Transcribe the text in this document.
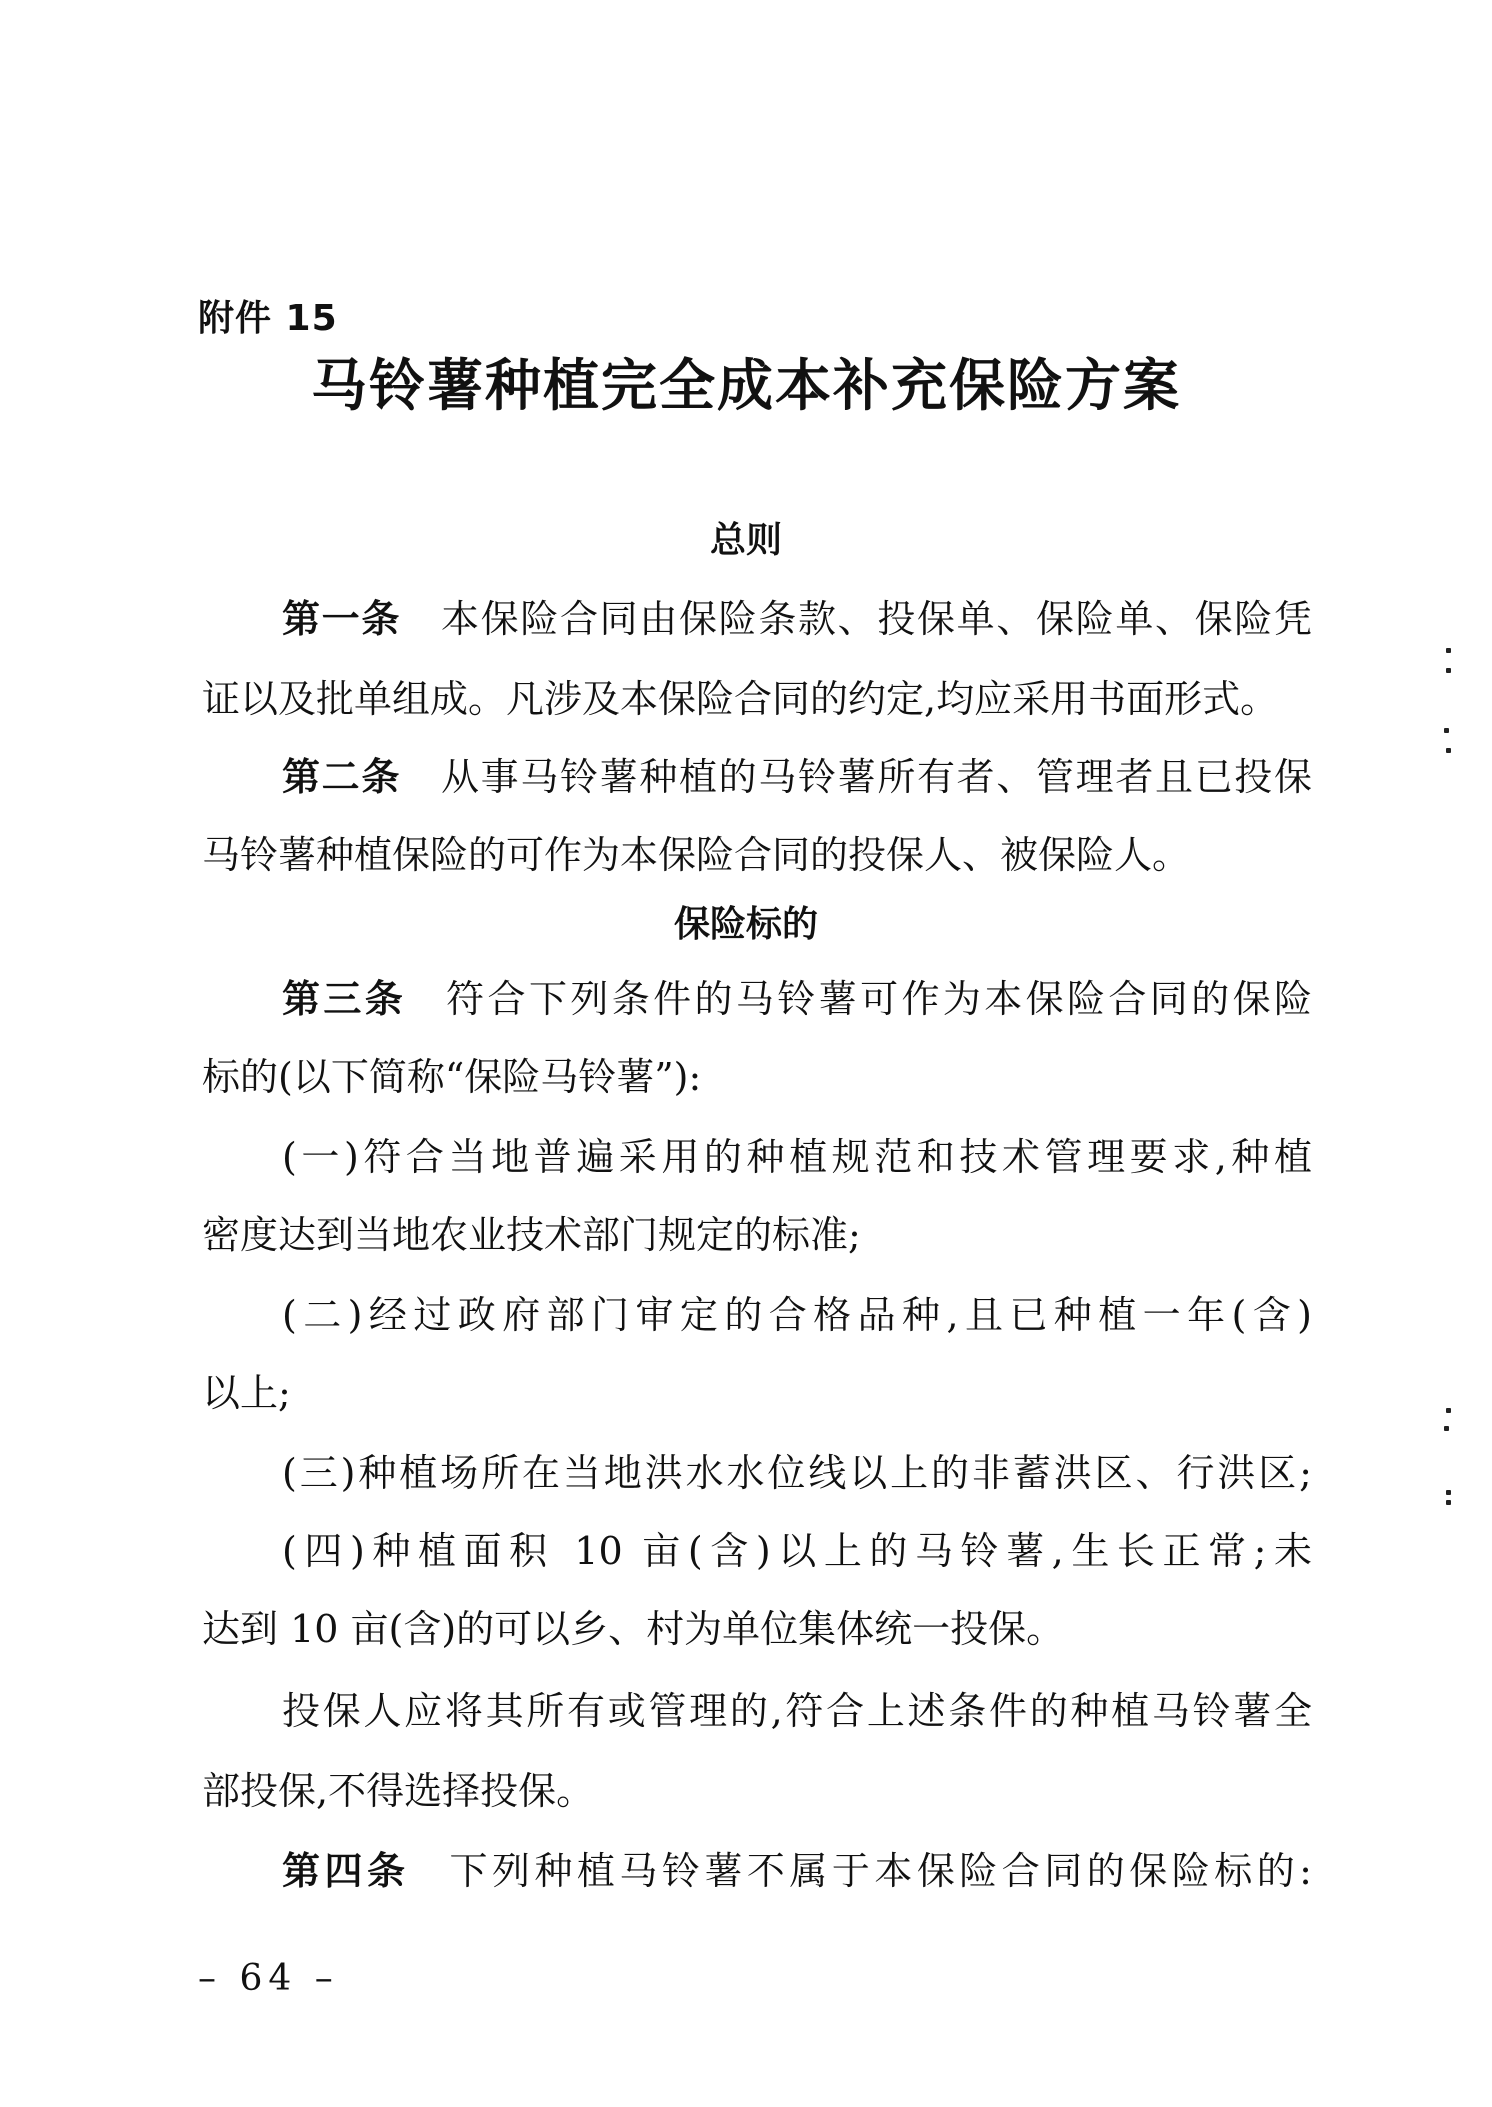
附件 15
马铃薯种植完全成本补充保险方案
总则
第一条 本保险合同由保险条款、投保单、保险单、保险凭
证以及批单组成。凡涉及本保险合同的约定,均应采用书面形式。
第二条 从事马铃薯种植的马铃薯所有者、管理者且已投保
马铃薯种植保险的可作为本保险合同的投保人、被保险人。
保险标的
第三条 符合下列条件的马铃薯可作为本保险合同的保险
标的(以下简称“保险马铃薯”):
(一)符合当地普遍采用的种植规范和技术管理要求,种植
密度达到当地农业技术部门规定的标准;
(二)经过政府部门审定的合格品种,且已种植一年(含)
以上;
(三)种植场所在当地洪水水位线以上的非蓄洪区、行洪区;
(四)种植面积 10 亩(含)以上的马铃薯,生长正常;未
达到 10 亩(含)的可以乡、村为单位集体统一投保。
投保人应将其所有或管理的,符合上述条件的种植马铃薯全
部投保,不得选择投保。
第四条 下列种植马铃薯不属于本保险合同的保险标的:
– 64 –
